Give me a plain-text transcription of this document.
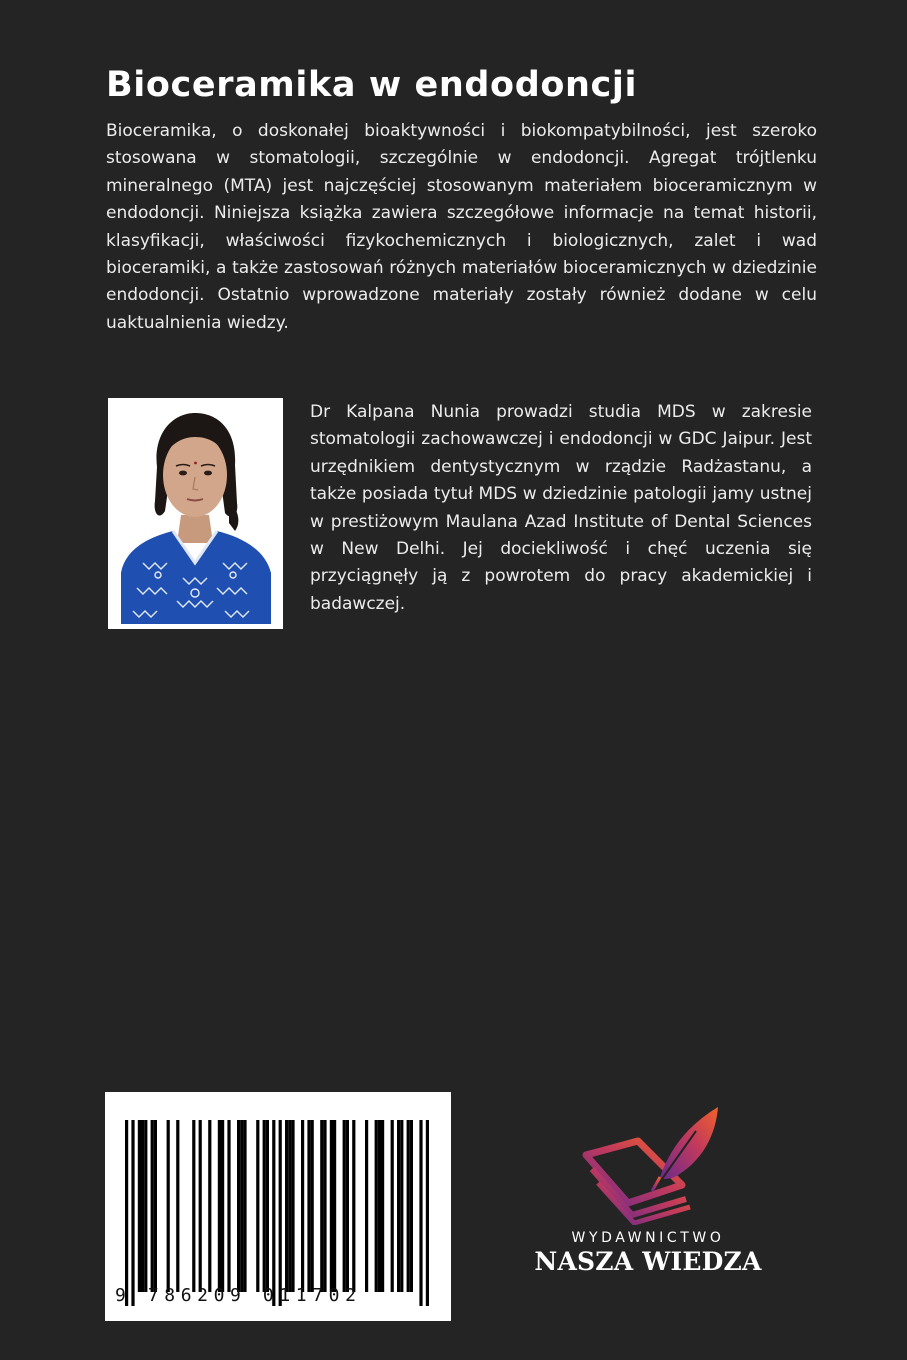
Bioceramika w endodoncji

Bioceramika, o doskonałej bioaktywności i biokompatybilności, jest szeroko stosowana w stomatologii, szczególnie w endodoncji. Agregat trójtlenku mineralnego (MTA) jest najczęściej stosowanym materiałem bioceramicznym w endodoncji. Niniejsza książka zawiera szczegółowe informacje na temat historii, klasyfikacji, właściwości fizykochemicznych i biologicznych, zalet i wad bioceramiki, a także zastosowań różnych materiałów bioceramicznych w dziedzinie endodoncji. Ostatnio wprowadzone materiały zostały również dodane w celu uaktualnienia wiedzy.

Dr Kalpana Nunia prowadzi studia MDS w zakresie stomatologii zachowawczej i endodoncji w GDC Jaipur. Jest urzędnikiem dentystycznym w rządzie Radżastanu, a także posiada tytuł MDS w dziedzinie patologii jamy ustnej w prestiżowym Maulana Azad Institute of Dental Sciences w New Delhi. Jej dociekliwość i chęć uczenia się przyciągnęły ją z powrotem do pracy akademickiej i badawczej.

9 786209 011702
WYDAWNICTWO
NASZA WIEDZA
